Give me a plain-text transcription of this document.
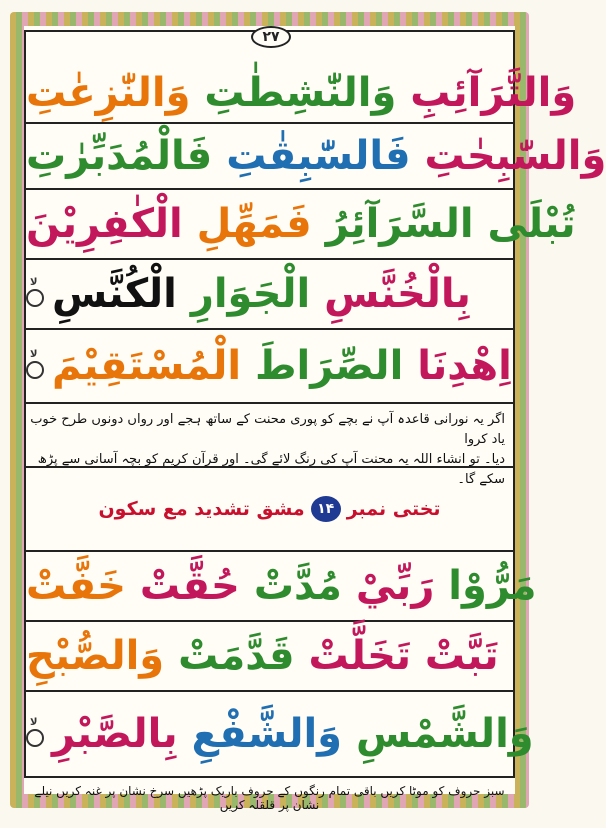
۲۷
وَالتَّرَآئِبِ وَالنّٰشِطٰتِ وَالنّٰزِعٰتِ
وَالسّٰبِحٰتِ فَالسّٰبِقٰتِ فَالْمُدَبِّرٰتِ
تُبْلَى السَّرَآئِرُ فَمَهِّلِ الْكٰفِرِيْنَ
بِالْخُنَّسِ الْجَوَارِ الْكُنَّسِ
لا
اِهْدِنَا الصِّرَاطَ الْمُسْتَقِيْمَ
لا
اگر یہ نورانی قاعدہ آپ نے بچے کو پوری محنت کے ساتھ ہجے اور رواں دونوں طرح خوب یاد کروا
دیا۔ تو انشاء اللہ یہ محنت آپ کی رنگ لائے گی۔ اور قرآن کریم کو بچہ آسانی سے پڑھ سکے گا۔
تختی نمبر
۱۴
مشق تشدید مع سکون
مَرُّوْا رَبِّيْ مُدَّتْ حُقَّتْ خَفَّتْ
تَبَّتْ تَخَلَّتْ قَدَّمَتْ وَالصُّبْحِ
وَالشَّمْسِ وَالشَّفْعِ بِالصَّبْرِ
لا
سبز حروف کو موٹا کریں باقی تمام رنگوں کے حروف باریک پڑھیں سرخ نشان پر غنہ کریں نیلے نشان پر قلقلہ کریں
